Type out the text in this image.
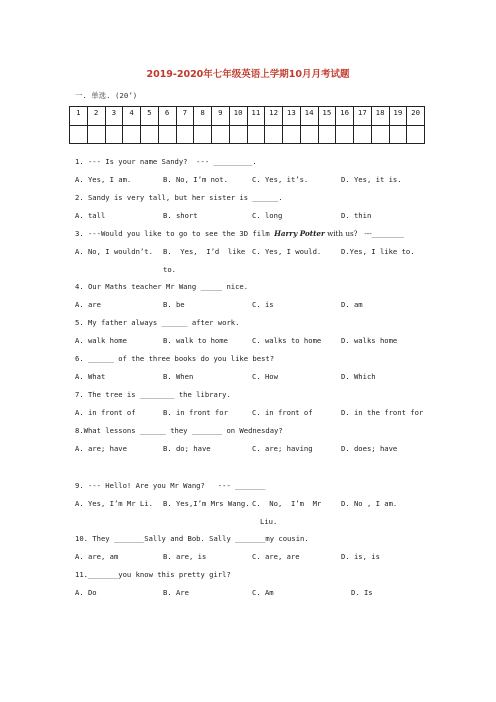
2019-2020年七年级英语上学期10月月考试题
一. 单选. (20’)
1	2	3	4	5	6	7	8	9	10	11	12	13	14	15	16	17	18	19	20

1. --- Is your name Sandy?  --- _________.
A. Yes, I am.	B. No, I’m not.	C. Yes, it’s.	D. Yes, it is.
2. Sandy is very tall, but her sister is ______.
A. tall	B. short	C. long	D. thin
3. ---Would you like to go to see the 3D film Harry Potter with us?   ---_________
A. No, I wouldn’t. B.  Yes,  I’d  like C. Yes, I would.	D.Yes, I like to.
to.
4. Our Maths teacher Mr Wang _____ nice.
A. are	B. be	C. is	D. am
5. My father always ______ after work.
A. walk home	B. walk to home	C. walks to home	D. walks home
6. ______ of the three books do you like best?
A. What	B. When	C. How	D. Which
7. The tree is ________ the library.
A. in front of	B. in front for	C. in front of	D. in the front for
8.What lessons ______ they _______ on Wednesday?
A. are; have	B. do; have	C. are; having	D. does; have
9. --- Hello! Are you Mr Wang?   --- _______
A. Yes, I’m Mr Li. B. Yes,I’m Mrs Wang. C.  No,  I’m  Mr	D. No , I am.
Liu.
10. They _______Sally and Bob. Sally _______my cousin.
A. are, am	B. are, is	C. are, are	D. is, is
11._______you know this pretty girl?
A. Do	B. Are	C. Am	D. Is
